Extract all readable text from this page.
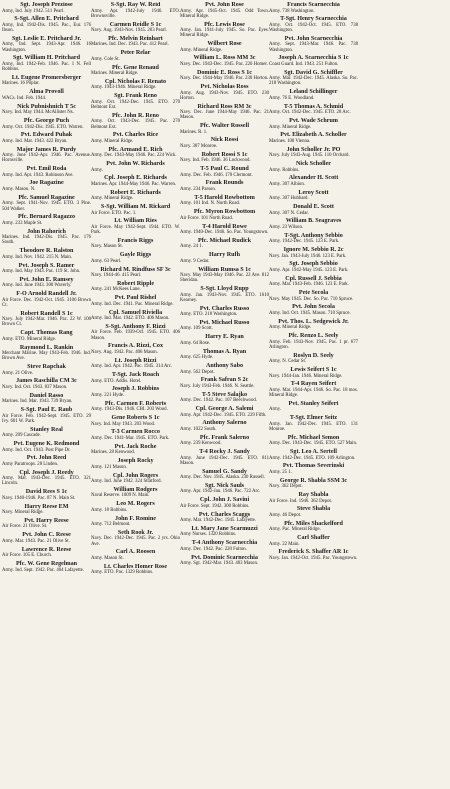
Sgt. Joseph Preziose
Army, Ind. July 1942. 511 Pearl.
S-Sgt. Allen E. Pritchard
Army, Ind. 1942-Dis. 1945. Pac., Eur. 176 Ibson.
Sgt. Leslie E. Pritchard Jr.
Army, Ind. Sept. 1943-Apr. 1946. 16 Washington.
Sgt. William H. Pritchard
Army, Ind. 1942-Feb. 1946. Pac. 1 N. Fell Robbins.
Lt. Eugene Promersberger
Marines. 16 Poplar.
Alma Provoll
WACs. Ind. Feb. 1944.
Nick Pubnishnich T 5c
Navy. Ind. May 1944. McAllister Ns.
Pfc. George Puch
Army. Oct. 1942-Dis. 1945. ETO. Warren.
Pvt. Edward Puhak
Army. Ind. Mar. 1943. 422 Bryan.
Major James R. Purdy
Army. June 1942-Apr. 1946. Pac. Avenue. Hornsville.
Pvt. Emil Roda
Army. Ind. Apr. 1943. Robinson Ave.
Joe Ragazine
Army. Mason. N.
Pfc. Samuel Ragazine
Army. Sept. 1941-Nov. 1945. ETO. 3 Pine. 504 Walker.
Pfc. Bernard Ragazzo
Army. 233 Maple St.
John Rahorich
Marines. Ind. 1942-Dis. 1945. Pac. 176 South.
Theodore R. Ralston
Army. Ind. Nov. 1942. 215 N. Main.
Pvt. Joseph S. Ramer
Army. Ind. May 1943. Pac. 119 St. John.
Pvt. John E. Ramsey
Army. Ind. June 1943. 300 Waverly.
F-O Arnold Randell Jr.
Air Force. Dec. 1942-Oct. 1945. 3106 Brown Ct.
Robert Randell S 1c
Navy. July 1942-Mar. 1946. Pac. 22 W. 100 Brown Ct.
Capt. Thomas Rang
Army. ETO. Mineral Ridge.
Raymond L. Rankin
Merchant Marine. May 1943-Feb. 1946. Ind. Brown Ave.
Steve Rapchak
Army. 21 Olive.
James Raschilla CM 3c
Navy. Ind. Oct. 1943. 837 Mason.
Daniel Rasso
Marines. Ind. Mar. 1943. 739 Bryan.
S-Sgt. Paul E. Raub
Air Force. Feb. 1942-Sept. 1945. ETO. 29 Ivy. 601 W. Park.
Stanley Real
Army. 209 Cascade.
Pvt. Eugene K. Redmond
Army. Ind. Oct. 1943. Post Pipe Dr.
Pvt. John Reed
Army Paratroops. 28 Linden.
Cpl. Joseph J. Reedy
Army. Mar. 1943-Dec. 1945. ETO. 321 Lincoln.
David Rees S 1c
Navy. 1940-1946. Pac. 87 N. Main St.
Harry Reese EM
Navy. Mineral Ridge.
Pvt. Harry Reese
Air Force. 21 Olive. St.
Pvt. John C. Reese
Army. Mar. 1943. Pac. 21 Olive St.
Lawrence R. Reese
Air Force. 105 E. Church.
Pfc. W. Gene Regelman
Army. Ind. Sept. 1942. Pac. 404 Lafayette.
S-Sgt. Ray W. Reid
Army. Apr. 1942-July 1946. ETO. Brownsville.
Carmen Reidle S 1c
Navy. Aug. 1943-Nov. 1945. 203 Pearl.
Pfc. Melvin Reinhart
Marines. Ind. Dec. 1943. Pac. 412 Pearl.
Peter Relar
Army. Cole St.
Pfc. Gene Renaud
Marines. Mineral Ridge.
Cpl. Nicholas F. Renato
Army. 1943-1946. Mineral Ridge.
Sgt. Frank Reno
Army. Oct. 1942-Dec. 1945. ETO. 270 Belmont Ext.
Pfc. John R. Reno
Army. Oct. 1943-Dec. 1945. Pac. 270 Belmont Ext.
Pvt. Charles Rice
Army. Mineral Ridge.
Pfc. Armand E. Rich
Army. Dec. 1943-May 1946. Pac. 224 Wick.
Pvt. John W. Richards
Army.
Cpl. Joseph E. Richards
Marines. Apr. 1944-May 1946. Pac. Warren.
Robert E. Richards
Army. Mineral Ridge.
S-Sgt. William M. Rickard
Air Force. ETO. Pac. 1.
Lt. William Ries
Air Force. May 1942-Sept. 1944. ETO. W. Park.
Francis Riggs
Navy. Mason St.
Gayle Riggs
Army. 63 Pearl.
Richard M. Rindfuss SF 3c
Navy. 1944-46. 415 Pearl.
Robert Ripple
Army. 241 McKees Lane.
Pvt. Paul Rishel
Army. Ind. Dec. 1941. Pac. Mineral Ridge.
Cpl. Samuel Riviella
Army. Ind. Mar. 1942. ETO. 406 Mason.
S-Sgt. Anthony F. Rizzi
Air Force. Feb. 1939-Oct. 1945. ETO. 406 Mason.
Francis A. Rizzi, Cox
Navy. Aug. 1942. Pac. 406 Mason.
Lt. Joseph Rizzi
Army. Ind. Apr. 1942. Pac. 1945. 314 Arc.
T-Sgt. Jack Roach
Army. ETO. Addis. Hotel.
Joseph J. Robbins
Army. 221 Hyde.
Pfc. Carmen F. Roberts
Army. 1943-Dis. 1946. CBI. 203 Wood.
Gene Roberts S 1c
Navy. Ind. May 1943. 203 Wood.
T-3 Carmen Rocco
Army. Dec. 1941-Mar. 1945. ETO. Park.
Pvt. Jack Roche
Marines. 28 Kenwood.
Joseph Rocky
Army. 121 Mason.
Cpl. John Rogers
Army. Ind. June 1942. 324 Stratford.
William Rodgers
Naval Reserve. 1009 N. Main.
Leo M. Rogers
Army. 18 Robbins.
John F. Romine
Army. 712 Belmont.
Seth Rook Jr.
Navy. Dec. 1942-Dec. 1945. Pac. 2 yrs. Ohio Ave.
Carl A. Roosen
Army. Mason St.
Lt. Charles Homer Rose
Army. ETO. Pac. 1329 Robbins.
Pvt. John Rose
Army. Apr. 1945-Oct. 1945. Odd Town. Mineral Ridge.
Pfc. Lewis Rose
Army. Jan. 1941-July 1945. So. Pac. Eyes. Mineral Ridge.
Wilbert Rose
Army. Mineral Ridge.
William L. Ross MM 3c
Navy. Dec. 1943-Dec. 1945. Pac. 220 Homer.
Dominic E. Ross S 1c
Navy. Dec. 1944-May 1946. Pac. 230 Horton.
Pvt. Nicholas Ross
Army. Aug. 1943-Nov. 1945. ETO. 230 Horton.
Richard Ross RM 3c
Navy. Dec. June 1944-May 1946. Pac. 21 Mason.
Pfc. Walter Rossell
Marines. R. 1.
Nick Rossi
Navy. 307 Monroe.
Robert Rossi S 1c
Navy. Ind. Feb. 1946. 36 Lockwood.
T-5 Paul C. Round
Army. Dec. Feb. 1946. 170 Clermont.
Frank Rounds
Army. 234 Parson.
T-5 Harold Rowbottom
Army. 101 Ind. N. North Road.
Pfc. Myron Rowbottom
Air Force. 101 North Road.
T-4 Harold Rowe
Army. 1940-Dec. 1946. So. Pac. Youngstown.
Pfc. Michael Rudick
Army. 24 1.
Harry Rufh
Army. 9 Cedar.
William Rumsa S 1c
Navy. May 1943-May 1946. Pac. 22 Ave. 812 Sheridan.
S-Sgt. Lloyd Rupp
Army. Jan. 1943-Nov. 1945. ETO. 1610 Kearney.
Pvt. Charles Russo
Army. ETO. 218 Washington.
Pvt. Michael Russo
Army. 109 Scott.
Harry E. Ryan
Army. 64 Rose.
Thomas A. Ryan
Army. 625 Hyde.
Anthony Sabo
Army. 562 Depot.
Frank Safran S 2c
Navy. July 1943-Feb. 1946. N. Seattle.
T-5 Steve Salajko
Army. Dec. 1942. Pac. 107 Beechwood.
Cpl. George A. Salemi
Army. Apr. 1942-Dec. 1945. ETO. 229 Fifth.
Anthony Salerno
Army. 1022 South.
Pfc. Frank Salerno
Army. 239 Kenwood.
T-4 Rocky J. Sandy
Army. June 1942-Dec. 1945. ETO. 811 Mason.
Samuel G. Sandy
Army. Dec. Nov. 1945. Alaska. 230 Russell.
Sgt. Nick Sauls
Army. Apr. 1942-Jan. 1946. Pac. 722 Arc.
Cpl. John J. Savini
Air Force. Sept. 1942. 300 Robbins.
Pvt. Charles Scaggs
Army. Mar. 1942-Dec. 1945. Lafayette.
Lt. Mary Jane Scarmuzzi
Army Nurses. 1320 Robbins.
T-4 Anthony Scarnecchia
Army. Dec. 1942. Pac. 220 Fulton.
Pvt. Dominic Scarnecchia
Army. Sgt. 1942-Mar. 1943. 403 Mason.
Francis Scarnecchia
Army. 738 Washington.
T-Sgt. Henry Scarnecchia
Army. Oct. 1942-Oct. 1945. ETO. 738 Washington.
Pvt. John Scarnecchia
Army. Sept. 1943-Mar. 1946. Pac. 738 Washington.
Joseph A. Scarnecchia S 1c
Coast Guard. Ind. 1943. 251 Fulton.
Sgt. David G. Schiffler
Army. Mar. 1942-Dec. 1945. Alaska. So. Pac. 218 Washington.
Leland Schillinger
Army. 76 E. Woodland.
T-5 Thomas A. Schmid
Army. Oct. 1942-Dec. 1945. ETO. 28 Arc.
Pvt. Wade Schrum
Army. Mineral Ridge.
Pvt. Elizabeth A. Scholler
Marines. 100 Vienna.
John Scholler Jr. PO
Navy. July 1943-Aug. 1945. 110 Orchard.
Nick Scholler
Army. Robbins.
Alexander H. Scott
Army. 307 Albion.
Leroy Scott
Army. 307 Hubbard.
Donald E. Scott
Army. 307 N. Cedar.
William B. Seagraves
Army. 23 Wilson.
T-Sgt. Anthony Sebbio
Army. 1942-Dec. 1945. 123 E. Park.
Ignore M. Sebbio R. 2c
Navy. Jan. 1943-July 1946. 123 E. Park.
Sgt. Joseph Sebbio
Army. Apr. 1942-May 1945. 123 E. Park.
Cpl. Russell J. Sebbia
Army. Mar. 1943-Feb. 1946. 123 E. Park.
Pete Secola
Navy. May 1945. Dec. So. Pac. 710 Spruce.
Pvt. John Secola
Army. Ind. Oct. 1945. Mason. 710 Spruce.
Pvt. Thos. L. Sedgewick Jr.
Army. Mineral Ridge.
Pfc. Renzo L. Seely
Army. Feb. 1943-Nov. 1945. Pac. 1 pr. 677 Arlington.
Roslyn D. Seely
Army. N. Cedar St.
Lewis Seifert S 1c
Navy. 1944-Jan. 1946. Mineral Ridge.
T-4 Rayen Seifert
Army. Mar. 1944-Apr. 1946. So. Pac. 18 mos. Mineral Ridge.
Pvt. Stanley Seifert
Army.
T-Sgt. Elmer Seitz
Army. Jan. 1942-Dec. 1945. ETO. 131 Monroe.
Pfc. Michael Semon
Army. Dec. 1943-Dec. 1945. ETO. 527 Main.
Sgt. Leo A. Sertell
Army. 1942-Dec. 1945. ETO. 109 Arlington.
Pvt. Thomas Severinski
Army. 25 1.
George R. Shabla SSM 3c
Navy. 362 Depot.
Ray Shabla
Air Force. Ind. 1946. 362 Depot.
Steve Shabla
Army. 46 Depot.
Pfc. Miles Shackelford
Army. Pac. Mineral Ridge.
Carl Shaffer
Army. 22 Main.
Frederick S. Shaffer AR 1c
Navy. Jan. 1942-Oct. 1945. Pac. Youngstown.
